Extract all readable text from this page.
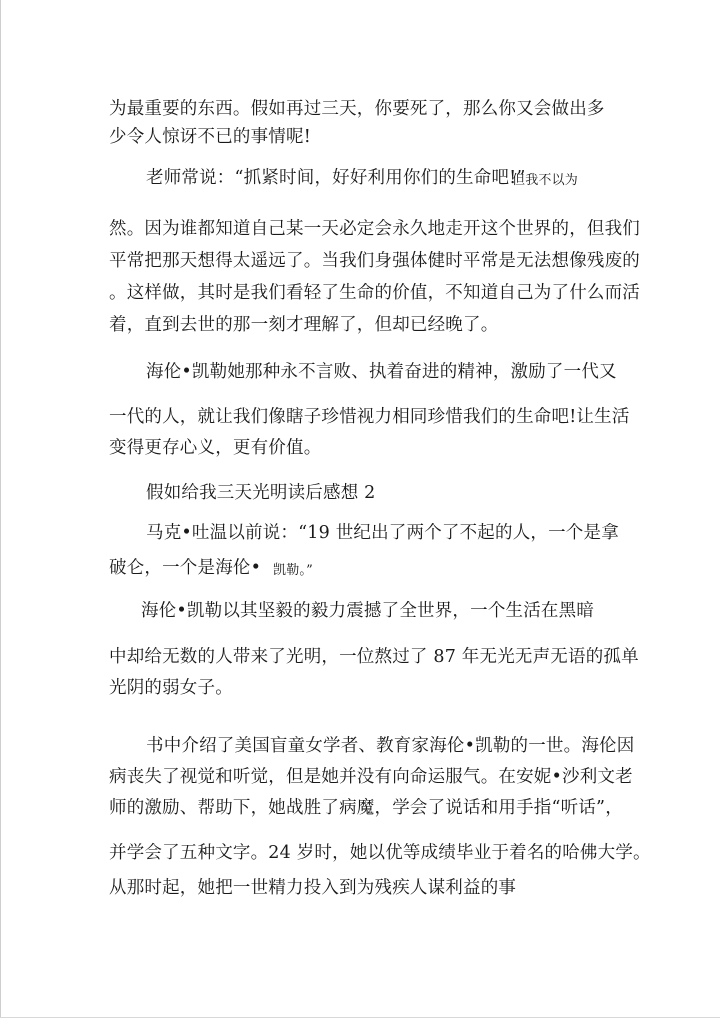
为最重要的东西。假如再过三天，你要死了，那么你又会做出多
少令人惊讶不已的事情呢!
老师常说：“抓紧时间，好好利用你们的生命吧!”
但我不以为
然。因为谁都知道自己某一天必定会永久地走开这个世界的，但我们
平常把那天想得太遥远了。当我们身强体健时平常是无法想像残废的
。这样做，其时是我们看轻了生命的价值，不知道自己为了什么而活
着，直到去世的那一刻才理解了，但却已经晚了。
海伦•凯勒她那种永不言败、执着奋进的精神，激励了一代又
一代的人，就让我们像瞎子珍惜视力相同珍惜我们的生命吧!让生活
变得更存心义，更有价值。
假如给我三天光明读后感想 2
马克•吐温以前说：“19 世纪出了两个了不起的人，一个是拿
破仑，一个是海伦• 凯勒。”
海伦•凯勒以其坚毅的毅力震撼了全世界，一个生活在黑暗
中却给无数的人带来了光明，一位熬过了 87 年无光无声无语的孤单
光阴的弱女子。
书中介绍了美国盲童女学者、教育家海伦•凯勒的一世。海伦因
病丧失了视觉和听觉，但是她并没有向命运服气。在安妮•沙利文老
师的激励、帮助下，她战胜了病魔，学会了说话和用手指“听话”，
并学会了五种文字。24 岁时，她以优等成绩毕业于着名的哈佛大学。
从那时起，她把一世精力投入到为残疾人谋利益的事
